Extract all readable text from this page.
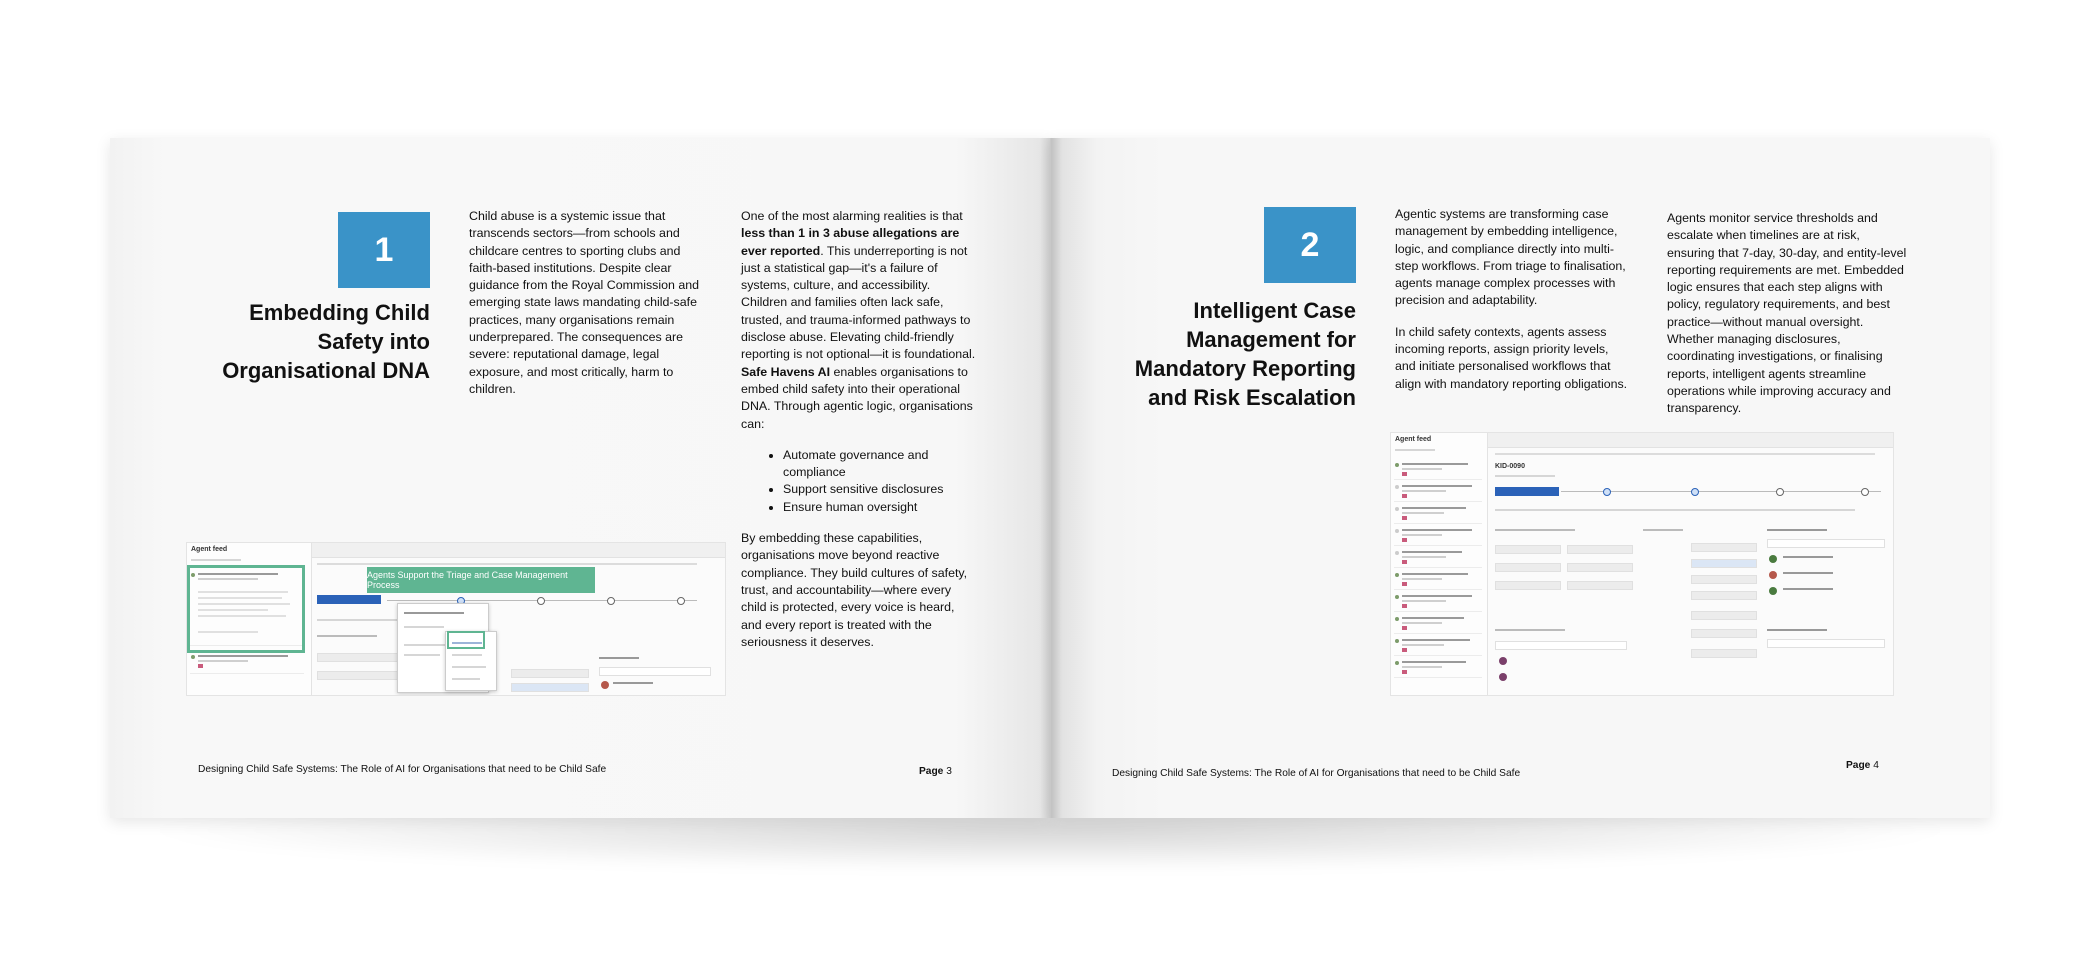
1
Embedding Child
Safety into
Organisational DNA

Child abuse is a systemic issue that transcends sectors—from schools and childcare centres to sporting clubs and faith-based institutions. Despite clear guidance from the Royal Commission and emerging state laws mandating child-safe practices, many organisations remain underprepared. The consequences are severe: reputational damage, legal exposure, and most critically, harm to children.

One of the most alarming realities is that less than 1 in 3 abuse allegations are ever reported. This underreporting is not just a statistical gap—it's a failure of systems, culture, and accessibility. Children and families often lack safe, trusted, and trauma-informed pathways to disclose abuse. Elevating child-friendly reporting is not optional—it is foundational. Safe Havens AI enables organisations to embed child safety into their operational DNA. Through agentic logic, organisations can:

• Automate governance and compliance
• Support sensitive disclosures
• Ensure human oversight

By embedding these capabilities, organisations move beyond reactive compliance. They build cultures of safety, trust, and accountability—where every child is protected, every voice is heard, and every report is treated with the seriousness it deserves.

Agent feed
Agents Support the Triage and Case Management Process
Designing Child Safe Systems: The Role of AI for Organisations that need to be Child Safe	Page 3
2
Intelligent Case
Management for
Mandatory Reporting
and Risk Escalation

Agentic systems are transforming case management by embedding intelligence, logic, and compliance directly into multi-step workflows. From triage to finalisation, agents manage complex processes with precision and adaptability.

In child safety contexts, agents assess incoming reports, assign priority levels, and initiate personalised workflows that align with mandatory reporting obligations.

Agents monitor service thresholds and escalate when timelines are at risk, ensuring that 7-day, 30-day, and entity-level reporting requirements are met. Embedded logic ensures that each step aligns with policy, regulatory requirements, and best practice—without manual oversight. Whether managing disclosures, coordinating investigations, or finalising reports, intelligent agents streamline operations while improving accuracy and transparency.

Agent feed
KID-0090
Designing Child Safe Systems: The Role of AI for Organisations that need to be Child Safe
Page 4
